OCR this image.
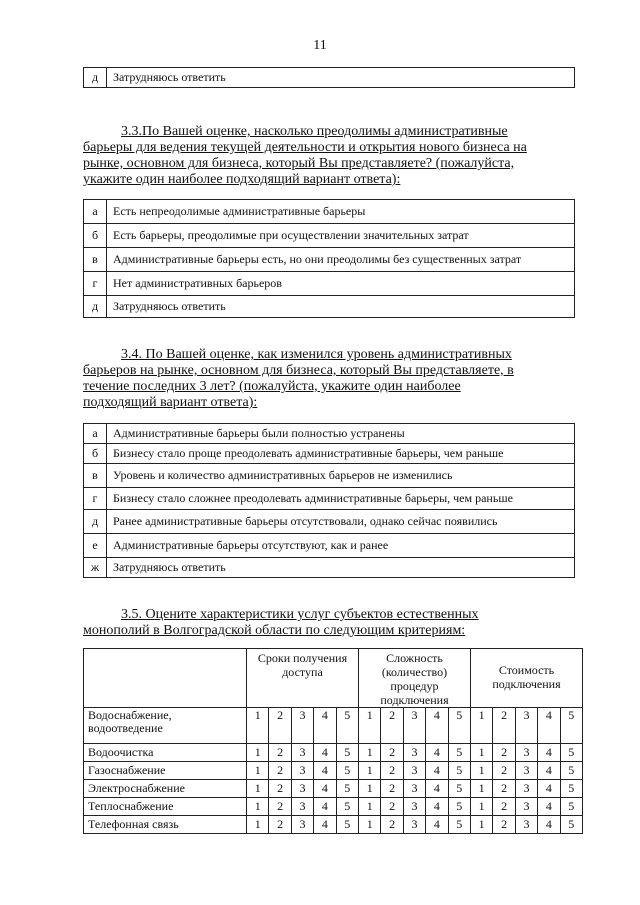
11
д	Затрудняюсь ответить
3.3.По Вашей оценке, насколько преодолимы административные
барьеры для ведения текущей деятельности и открытия нового бизнеса на
рынке, основном для бизнеса, который Вы представляете? (пожалуйста,
укажите один наиболее подходящий вариант ответа):
а	Есть непреодолимые административные барьеры
б	Есть барьеры, преодолимые при осуществлении значительных затрат
в	Административные барьеры есть, но они преодолимы без существенных затрат
г	Нет административных барьеров
д	Затрудняюсь ответить
3.4. По Вашей оценке, как изменился уровень административных
барьеров на рынке, основном для бизнеса, который Вы представляете, в
течение последних 3 лет? (пожалуйста, укажите один наиболее
подходящий вариант ответа):
а	Административные барьеры были полностью устранены
б	Бизнесу стало проще преодолевать административные барьеры, чем раньше
в	Уровень и количество административных барьеров не изменились
г	Бизнесу стало сложнее преодолевать административные барьеры, чем раньше
д	Ранее административные барьеры отсутствовали, однако сейчас появились
е	Административные барьеры отсутствуют, как и ранее
ж	Затрудняюсь ответить
3.5. Оцените характеристики услуг субъектов естественных
монополий в Волгоградской области по следующим критериям:
	Сроки получения доступа					Сложность (количество) процедур подключения					Стоимость подключения				
Водоснабжение, водоотведение	1	2	3	4	5	1	2	3	4	5	1	2	3	4	5
Водоочистка	1	2	3	4	5	1	2	3	4	5	1	2	3	4	5
Газоснабжение	1	2	3	4	5	1	2	3	4	5	1	2	3	4	5
Электроснабжение	1	2	3	4	5	1	2	3	4	5	1	2	3	4	5
Теплоснабжение	1	2	3	4	5	1	2	3	4	5	1	2	3	4	5
Телефонная связь	1	2	3	4	5	1	2	3	4	5	1	2	3	4	5
